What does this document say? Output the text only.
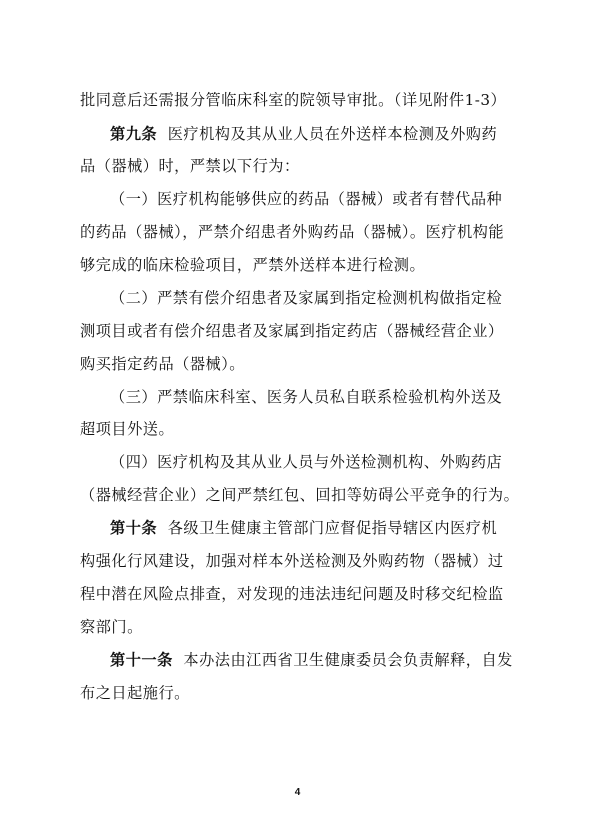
批同意后还需报分管临床科室的院领导审批。（详见附件1-3）
第九条 医疗机构及其从业人员在外送样本检测及外购药
品（器械）时，严禁以下行为：
（一）医疗机构能够供应的药品（器械）或者有替代品种
的药品（器械），严禁介绍患者外购药品（器械）。医疗机构能
够完成的临床检验项目，严禁外送样本进行检测。
（二）严禁有偿介绍患者及家属到指定检测机构做指定检
测项目或者有偿介绍患者及家属到指定药店（器械经营企业）
购买指定药品（器械）。
（三）严禁临床科室、医务人员私自联系检验机构外送及
超项目外送。
（四）医疗机构及其从业人员与外送检测机构、外购药店
（器械经营企业）之间严禁红包、回扣等妨碍公平竞争的行为。
第十条 各级卫生健康主管部门应督促指导辖区内医疗机
构强化行风建设，加强对样本外送检测及外购药物（器械）过
程中潜在风险点排查，对发现的违法违纪问题及时移交纪检监
察部门。
第十一条 本办法由江西省卫生健康委员会负责解释，自发
布之日起施行。
4
